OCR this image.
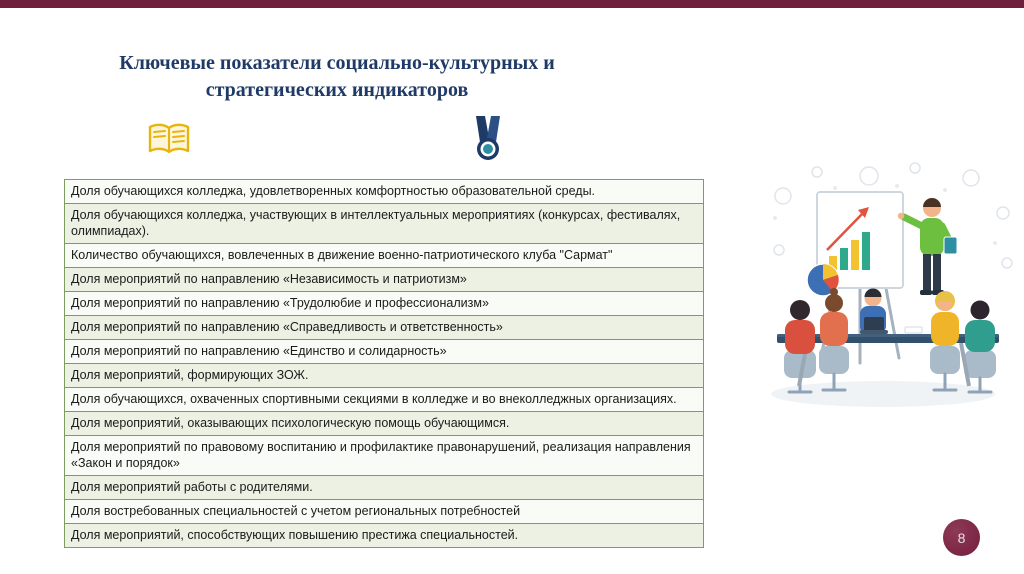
Ключевые показатели социально-культурных и стратегических индикаторов
Доля обучающихся колледжа, удовлетворенных комфортностью образовательной среды.
Доля обучающихся колледжа, участвующих в интеллектуальных мероприятиях (конкурсах, фестивалях, олимпиадах).
Количество обучающихся, вовлеченных в движение военно-патриотического клуба "Сармат"
Доля мероприятий по направлению «Независимость и патриотизм»
Доля мероприятий по направлению «Трудолюбие и профессионализм»
Доля мероприятий по направлению «Справедливость и ответственность»
Доля мероприятий по направлению «Единство и солидарность»
Доля мероприятий, формирующих ЗОЖ.
Доля обучающихся, охваченных спортивными секциями в колледже и во внеколледжных организациях.
Доля мероприятий, оказывающих психологическую помощь обучающимся.
Доля мероприятий по правовому воспитанию и профилактике правонарушений, реализация направления «Закон и порядок»
Доля мероприятий работы с родителями.
Доля востребованных специальностей с учетом региональных потребностей
Доля мероприятий, способствующих повышению престижа специальностей.	8
